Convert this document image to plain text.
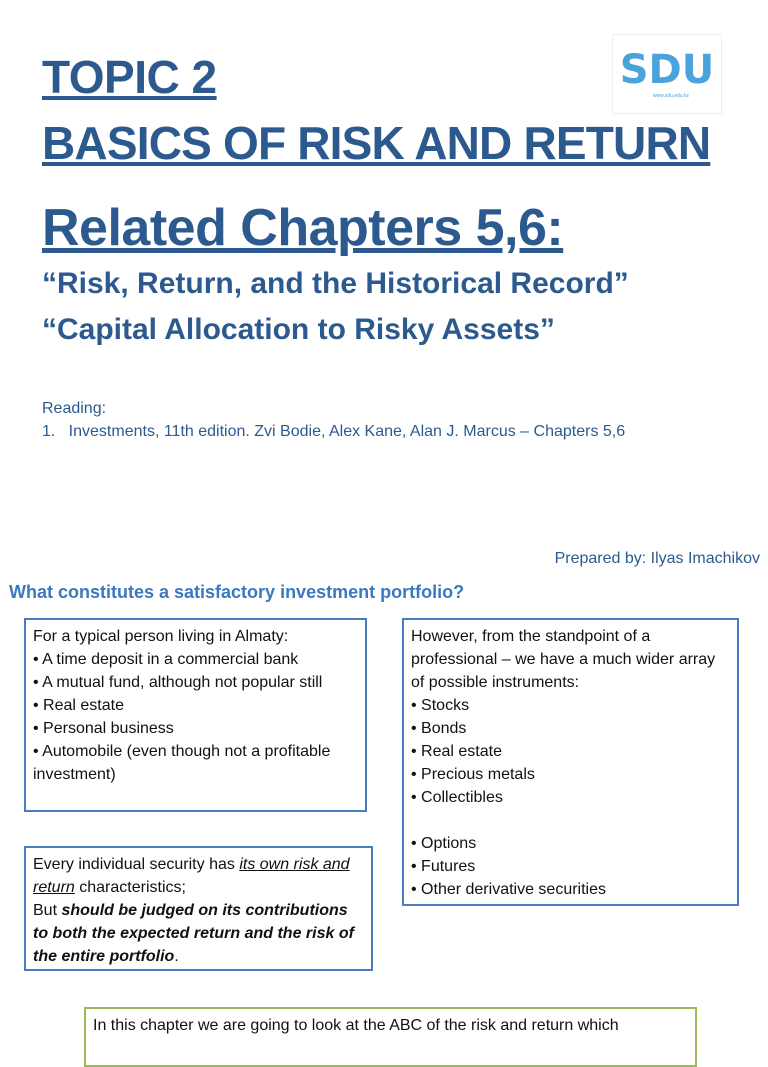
TOPIC 2
BASICS OF RISK AND RETURN
Related Chapters 5,6:
“Risk, Return, and the Historical Record”
“Capital Allocation to Risky Assets”
SDU
www.sdu.edu.kz
Reading:
1.   Investments, 11th edition. Zvi Bodie, Alex Kane, Alan J. Marcus – Chapters 5,6
Prepared by: Ilyas Imachikov
What constitutes a satisfactory investment portfolio?
For a typical person living in Almaty:
• A time deposit in a commercial bank
• A mutual fund, although not popular still
• Real estate
• Personal business
• Automobile (even though not a profitable investment)
However, from the standpoint of a professional – we have a much wider array of possible instruments:
• Stocks
• Bonds
• Real estate
• Precious metals
• Collectibles
• Options
• Futures
• Other derivative securities
Every individual security has its own risk and return characteristics;
But should be judged on its contributions to both the expected return and the risk of the entire portfolio.
In this chapter we are going to look at the ABC of the risk and return which
